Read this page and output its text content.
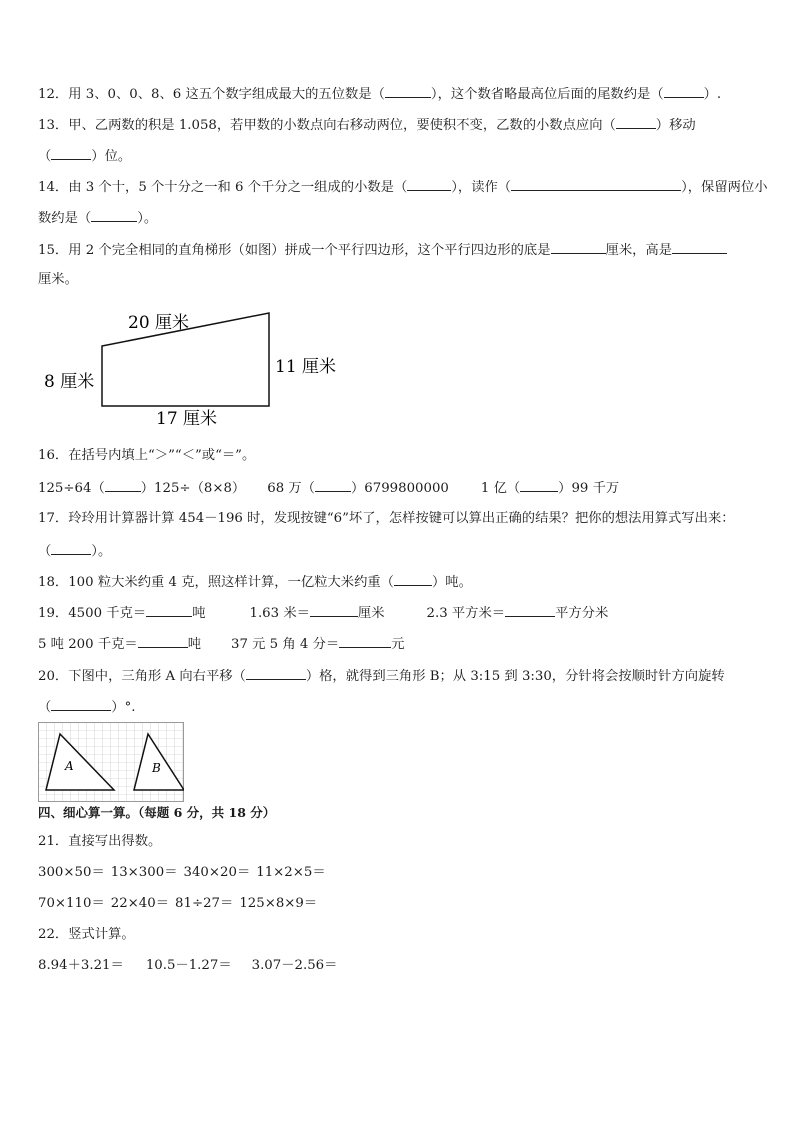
12．用 3、0、0、8、6 这五个数字组成最大的五位数是（	），这个数省略最高位后面的尾数约是（	）.
13．甲、乙两数的积是 1.058，若甲数的小数点向右移动两位，要使积不变，乙数的小数点应向（	）移动
（	）位。
14．由 3 个十，5 个十分之一和 6 个千分之一组成的小数是（	），读作（	），保留两位小
数约是（	）。
15．用 2 个完全相同的直角梯形（如图）拼成一个平行四边形，这个平行四边形的底是	厘米，高是
厘米。
20 厘米
8 厘米
11 厘米
17 厘米
16．在括号内填上“＞”“＜”或“＝”。
125÷64（	）125÷（8×8） 68 万（	）6799800000 1 亿（	）99 千万
17．玲玲用计算器计算 454－196 时，发现按键“6”坏了，怎样按键可以算出正确的结果？把你的想法用算式写出来：
（	）。
18．100 粒大米约重 4 克，照这样计算，一亿粒大米约重（	）吨。
19．4500 千克＝	吨	1.63 米＝	厘米	2.3 平方米＝	平方分米
5 吨 200 千克＝	吨 37 元 5 角 4 分＝	元
20．下图中，三角形 A 向右平移（	）格，就得到三角形 B；从 3:15 到 3:30，分针将会按顺时针方向旋转
（	）°.
A	B
四、细心算一算。（每题 6 分，共 18 分）
21．直接写出得数。
300×50＝ 13×300＝ 340×20＝ 11×2×5＝
70×110＝ 22×40＝ 81÷27＝ 125×8×9＝
22．竖式计算。
8.94＋3.21＝ 10.5－1.27＝ 3.07－2.56＝
